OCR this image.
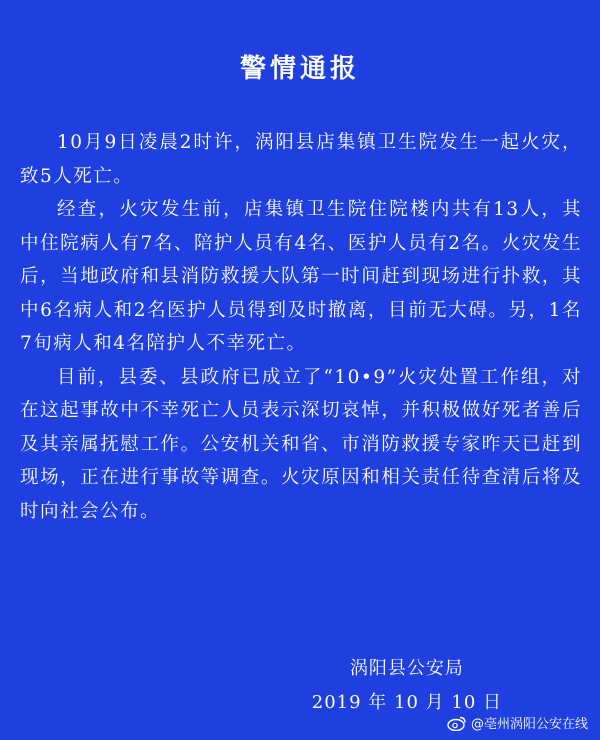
警情通报

10月9日凌晨2时许，涡阳县店集镇卫生院发生一起火灾，致5人死亡。

经查，火灾发生前，店集镇卫生院住院楼内共有13人，其中住院病人有7名、陪护人员有4名、医护人员有2名。火灾发生后，当地政府和县消防救援大队第一时间赶到现场进行扑救，其中6名病人和2名医护人员得到及时撤离，目前无大碍。另，1名7旬病人和4名陪护人不幸死亡。

目前，县委、县政府已成立了“10•9”火灾处置工作组，对在这起事故中不幸死亡人员表示深切哀悼，并积极做好死者善后及其亲属抚慰工作。公安机关和省、市消防救援专家昨天已赶到现场，正在进行事故等调查。火灾原因和相关责任待查清后将及时向社会公布。

涡阳县公安局
2019 年 10 月 10 日
@亳州涡阳公安在线
